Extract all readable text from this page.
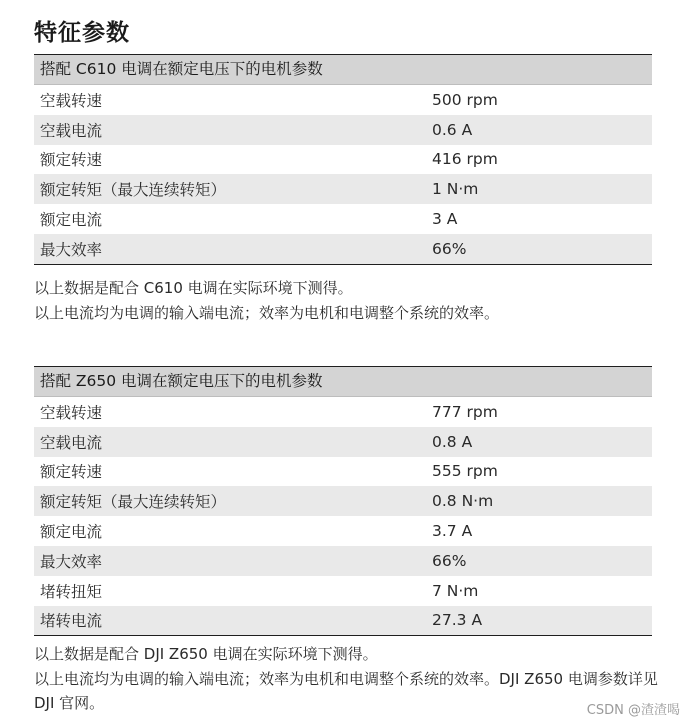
特征参数
搭配 C610 电调在额定电压下的电机参数
空载转速	500 rpm
空载电流	0.6 A
额定转速	416 rpm
额定转矩（最大连续转矩）	1 N·m
额定电流	3 A
最大效率	66%
以上数据是配合 C610 电调在实际环境下测得。
以上电流均为电调的输入端电流；效率为电机和电调整个系统的效率。
搭配 Z650 电调在额定电压下的电机参数
空载转速	777 rpm
空载电流	0.8 A
额定转速	555 rpm
额定转矩（最大连续转矩）	0.8 N·m
额定电流	3.7 A
最大效率	66%
堵转扭矩	7 N·m
堵转电流	27.3 A
以上数据是配合 DJI Z650 电调在实际环境下测得。
以上电流均为电调的输入端电流；效率为电机和电调整个系统的效率。DJI Z650 电调参数详见 DJI 官网。	CSDN @渣渣喝
